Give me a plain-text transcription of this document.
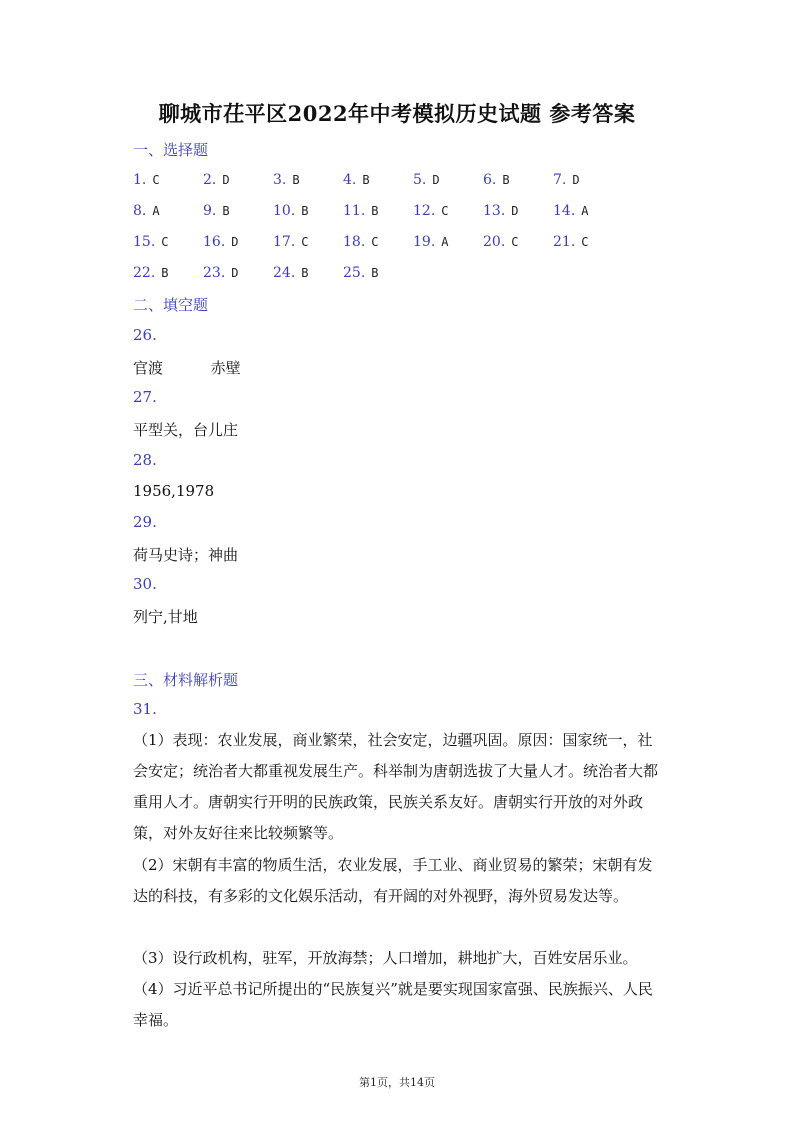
聊城市茌平区2022年中考模拟历史试题 参考答案
一、选择题
1. C	2. D	3. B	4. B	5. D	6. B	7. D
8. A	9. B	10. B 11. B 12. C 13. D 14. A
15. C 16. D 17. C 18. C 19. A 20. C 21. C
22. B 23. D 24. B 25. B
二、填空题
26.
官渡          赤壁
27.
平型关，台儿庄
28.
1956,1978
29.
荷马史诗；神曲
30.
列宁,甘地
三、材料解析题
31.
（1）表现：农业发展，商业繁荣，社会安定，边疆巩固。原因：国家统一，社会安定；统治者大都重视发展生产。科举制为唐朝选拔了大量人才。统治者大都重用人才。唐朝实行开明的民族政策，民族关系友好。唐朝实行开放的对外政策，对外友好往来比较频繁等。
（2）宋朝有丰富的物质生活，农业发展，手工业、商业贸易的繁荣；宋朝有发达的科技，有多彩的文化娱乐活动，有开阔的对外视野，海外贸易发达等。
（3）设行政机构，驻军，开放海禁；人口增加，耕地扩大，百姓安居乐业。
（4）习近平总书记所提出的“民族复兴”就是要实现国家富强、民族振兴、人民幸福。
第1页，共14页
